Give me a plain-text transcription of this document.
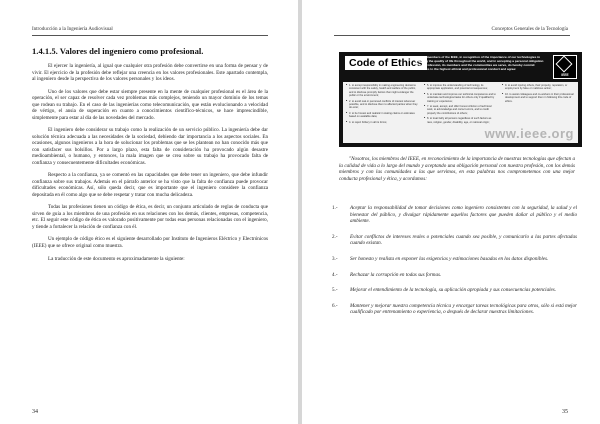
Introducción a la Ingeniería Audiovisual
1.4.1.5. Valores del ingeniero como profesional.

El ejercer la ingeniería, al igual que cualquier otra profesión debe convertirse en una forma de pensar y de vivir. El ejercicio de la profesión debe reflejar una creencia en los valores profesionales. Este apartado contempla, al ingeniero desde la perspectiva de los valores personales y los ideos.

Uno de los valores que debe estar siempre presente en la mente de cualquier profesional es el área de la operación, el ser capaz de resolver cada vez problemas más complejos, teniendo un mayor dominio de los temas que rodean su trabajo. En el caso de las ingenierías como telecomunicación, que están evolucionando a velocidad de vértigo, el ansia de superación en cuanto a conocimientos científico-técnicos, se hace imprescindible, simplemente para estar al día de las novedades del mercado.

El ingeniero debe considerar su trabajo como la realización de un servicio público. La ingeniería debe dar solución técnica adecuada a las necesidades de la sociedad, debiendo dar importancia a los aspectos sociales. En ocasiones, algunos ingenieros a la hora de solucionar los problemas que se les plantean no han conocido más que con satisfacer sus bolsillos. Por a largo plazo, esta falta de consideración ha provocado algún desastre medioambiental, o humano, y entonces, la mala imagen que se crea sobre su trabajo ha provocado falta de confianza y consecuentemente dificultades económicas.

Respecto a la confianza, ya se comentó en las capacidades que debe tener un ingeniero, que debe infundir confianza sobre sus trabajos. Además en el párrafo anterior se ha visto que la falta de confianza puede provocar dificultades económicas. Así, sólo queda decir, que es importante que el ingeniero considere la confianza depositada en él como algo que se debe respetar y tratar con mucha delicadeza.

Todas las profesiones tienen un código de ética, es decir, un conjunto articulado de reglas de conducta que sirven de guía a los miembros de una profesión en sus relaciones con los demás, clientes, empresas, competencia, etc. El seguir este código de ética es valorado positivamente por todas esas personas relacionadas con el ingeniero, y tiende a fortalecer la relación de confianza con él.

Un ejemplo de código ético es el siguiente desarrollado por Instituto de Ingenieros Eléctrico y Electrónicos (IEEE) que se ofrece original como muestra.

La traducción de este documento es aproximadamente la siguiente:

34
Conceptos Generales de la Tecnología
Code of Ethics
We, the members of the IEEE, in recognition of the importance of our technologies in affecting the quality of life throughout the world, and in accepting a personal obligation to our profession, its members and the communities we serve, do hereby commit ourselves to the highest ethical and professional conduct and agree:
IEEE
■ 1. to accept responsibility in making engineering decisions consistent with the safety, health and welfare of the public, and to disclose promptly factors that might endanger the public or the environment;
■ 2. to avoid real or perceived conflicts of interest whenever possible, and to disclose them to affected parties when they do exist;
■ 3. to be honest and realistic in stating claims or estimates based on available data;
■ 4. to reject bribery in all its forms;
■ 5. to improve the understanding of technology, its appropriate application, and potential consequences;
■ 6. to maintain and improve our technical competence and to undertake technological tasks for others only if qualified by training or experience;
■ 7. to seek, accept, and offer honest criticism of technical work, to acknowledge and correct errors, and to credit properly the contributions of others;
■ 8. to treat fairly all persons regardless of such factors as race, religion, gender, disability, age, or national origin;
■ 9. to avoid injuring others, their property, reputation, or employment by false or malicious action;
■ 10. to assist colleagues and co-workers in their professional development and to support them in following this code of ethics.
www.ieee.org

"Nosotros, los miembros del IEEE, en reconocimiento de la importancia de nuestras tecnologías que afectan a la calidad de vida a lo largo del mundo y aceptando una obligación personal con nuestra profesión, con los demás miembros y con las comunidades a las que servimos, en esta palabras nos comprometemos con una mejor conducta profesional y ética, y acordamos:

1.- Aceptar la responsabilidad de tomar decisiones como ingeniero consistentes con la seguridad, la salud y el bienestar del público, y divulgar rápidamente aquellos factores que pueden dañar al público y el medio ambiente.
2.- Evitar conflictos de intereses reales o potenciales cuando sea posible, y comunicarlo a las partes afectadas cuando existan.
3.- Ser honesto y realista en exponer las exigencias y estimaciones basadas en los datos disponibles.
4.- Rechazar la corrupción en todas sus formas.
5.- Mejorar el entendimiento de la tecnología, su aplicación apropiada y sus consecuencias potenciales.
6.- Mantener y mejorar nuestra competencia técnica y encargar tareas tecnológicas para otros, sólo si está mejor cualificado por entrenamiento o experiencia, o después de declarar nuestras limitaciones.
35
